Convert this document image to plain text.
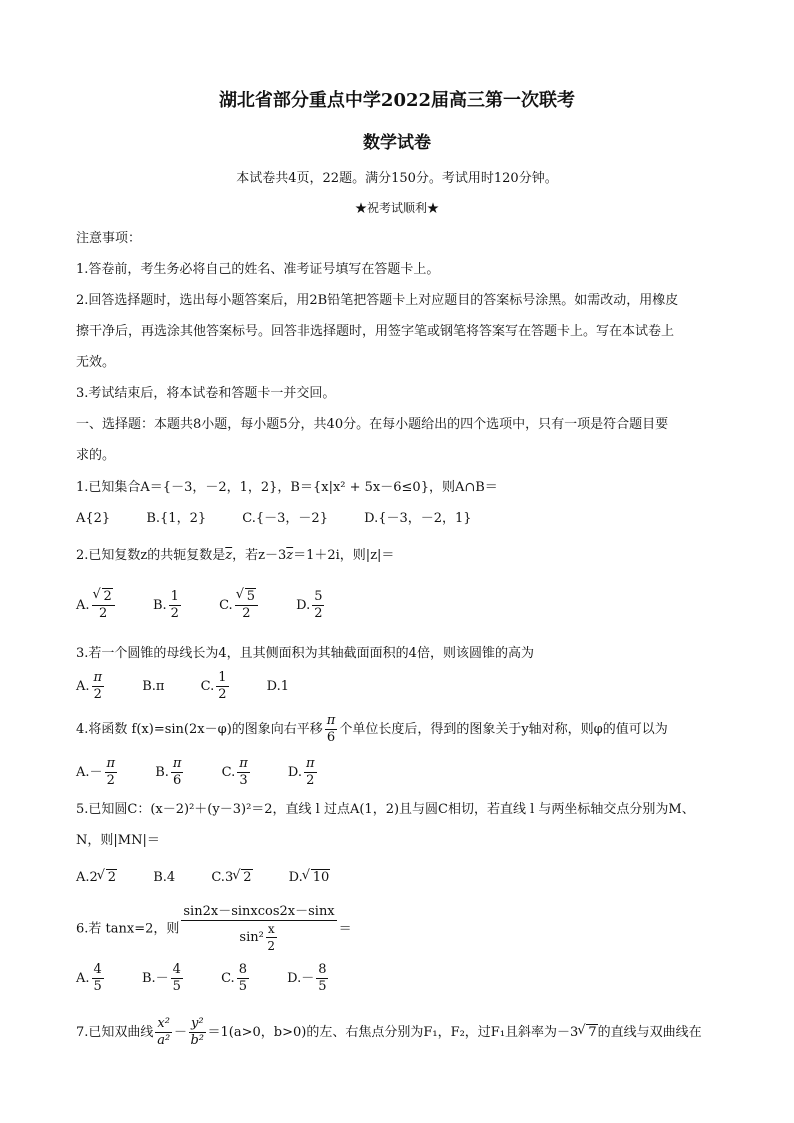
湖北省部分重点中学2022届高三第一次联考
数学试卷
本试卷共4页，22题。满分150分。考试用时120分钟。
★祝考试顺利★
注意事项：
1.答卷前，考生务必将自己的姓名、准考证号填写在答题卡上。
2.回答选择题时，选出每小题答案后，用2B铅笔把答题卡上对应题目的答案标号涂黑。如需改动，用橡皮
擦干净后，再选涂其他答案标号。回答非选择题时，用签字笔或钢笔将答案写在答题卡上。写在本试卷上
无效。
3.考试结束后，将本试卷和答题卡一并交回。
一、选择题：本题共8小题，每小题5分，共40分。在每小题给出的四个选项中，只有一项是符合题目要
求的。
1.已知集合A＝{－3，－2，1，2}，B＝{x|x² + 5x－6≤0}，则A∩B＝
A{2}	B.{1，2}	C.{－3，－2}	D.{－3，－2，1}
2.已知复数z的共轭复数是$\overline{z}$，若$z-3\overline{z}=1+2i$，则|z|＝
A. √ $\frac{2}{2}$	B. $\frac{1}{2}$	C. √ $\frac{5}{2}$	D. $\frac{5}{2}$
3.若一个圆锥的母线长为4，且其侧面积为其轴截面面积的4倍，则该圆锥的高为
A. $\frac{\pi}{2}$	B.π	C. $\frac{1}{2}$	D.1
4.将函数 f(x)=sin(2x－φ)的图象向右平移 $\frac{\pi}{6}$ 个单位长度后，得到的图象关于y轴对称，则φ的值可以为
$A.- \frac{\pi}{2}$	B. $\frac{\pi}{6}$	C. $\frac{\pi}{3}$	D. $\frac{\pi}{2}$
5.已知圆C：(x－2)²＋(y－3)²＝2，直线 l 过点A(1，2)且与圆C相切，若直线 l 与两坐标轴交点分别为M、
N，则|MN|＝
A.2 √ 2	B.4	C.3 √ 2	D. √ 10
6.若 tanx=2，则 $\frac{\text{sin2x－sinxcos2x－sinx}}{\sin^2 \frac{x}{2}}$ ＝
A. $\frac{4}{5}$	$B.- \frac{4}{5}$	C. $\frac{8}{5}$	$D.- \frac{8}{5}$
7.已知双曲线 $\frac{\text{x²}}{\text{a²}} - \frac{\text{y²}}{\text{b²}} =1(a>0$，b>0)的左、右焦点分别为F₁，F₂，过F₁且斜率为－3 √ 7的直线与双曲线在
